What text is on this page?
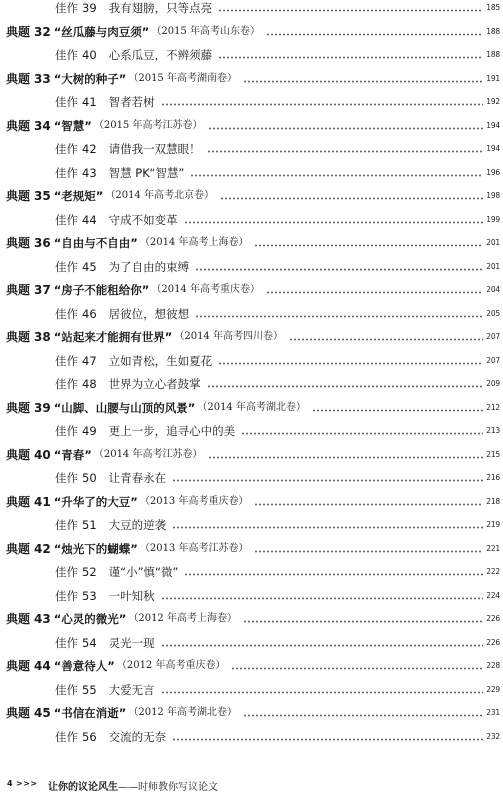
佳作 39 我有翅膀，只等点亮	185
典题 32 “丝瓜藤与肉豆须” （2015 年高考山东卷）	188
佳作 40 心系瓜豆，不辨须藤	188
典题 33 “大树的种子” （2015 年高考湖南卷）	191
佳作 41 智者若树	192
典题 34 “智慧” （2015 年高考江苏卷）	194
佳作 42 请借我一双慧眼！	194
佳作 43 智慧 PK“智慧”	196
典题 35 “老规矩” （2014 年高考北京卷）	198
佳作 44 守成不如变革	199
典题 36 “自由与不自由” （2014 年高考上海卷）	201
佳作 45 为了自由的束缚	201
典题 37 “房子不能租给你” （2014 年高考重庆卷）	204
佳作 46 居彼位，想彼想	205
典题 38 “站起来才能拥有世界” （2014 年高考四川卷）	207
佳作 47 立如青松，生如夏花	207
佳作 48 世界为立心者鼓掌	209
典题 39 “山脚、山腰与山顶的风景” （2014 年高考湖北卷）	212
佳作 49 更上一步，追寻心中的美	213
典题 40 “青春” （2014 年高考江苏卷）	215
佳作 50 让青春永在	216
典题 41 “升华了的大豆” （2013 年高考重庆卷）	218
佳作 51 大豆的逆袭	219
典题 42 “烛光下的蝴蝶” （2013 年高考江苏卷）	221
佳作 52 谨“小”慎“微”	222
佳作 53 一叶知秋	224
典题 43 “心灵的微光” （2012 年高考上海卷）	226
佳作 54 灵光一现	226
典题 44 “善意待人” （2012 年高考重庆卷）	228
佳作 55 大爱无言	229
典题 45 “书信在消逝” （2012 年高考湖北卷）	231
佳作 56 交流的无奈	232
4 >>> 让你的议论风生——时师教你写议论文
